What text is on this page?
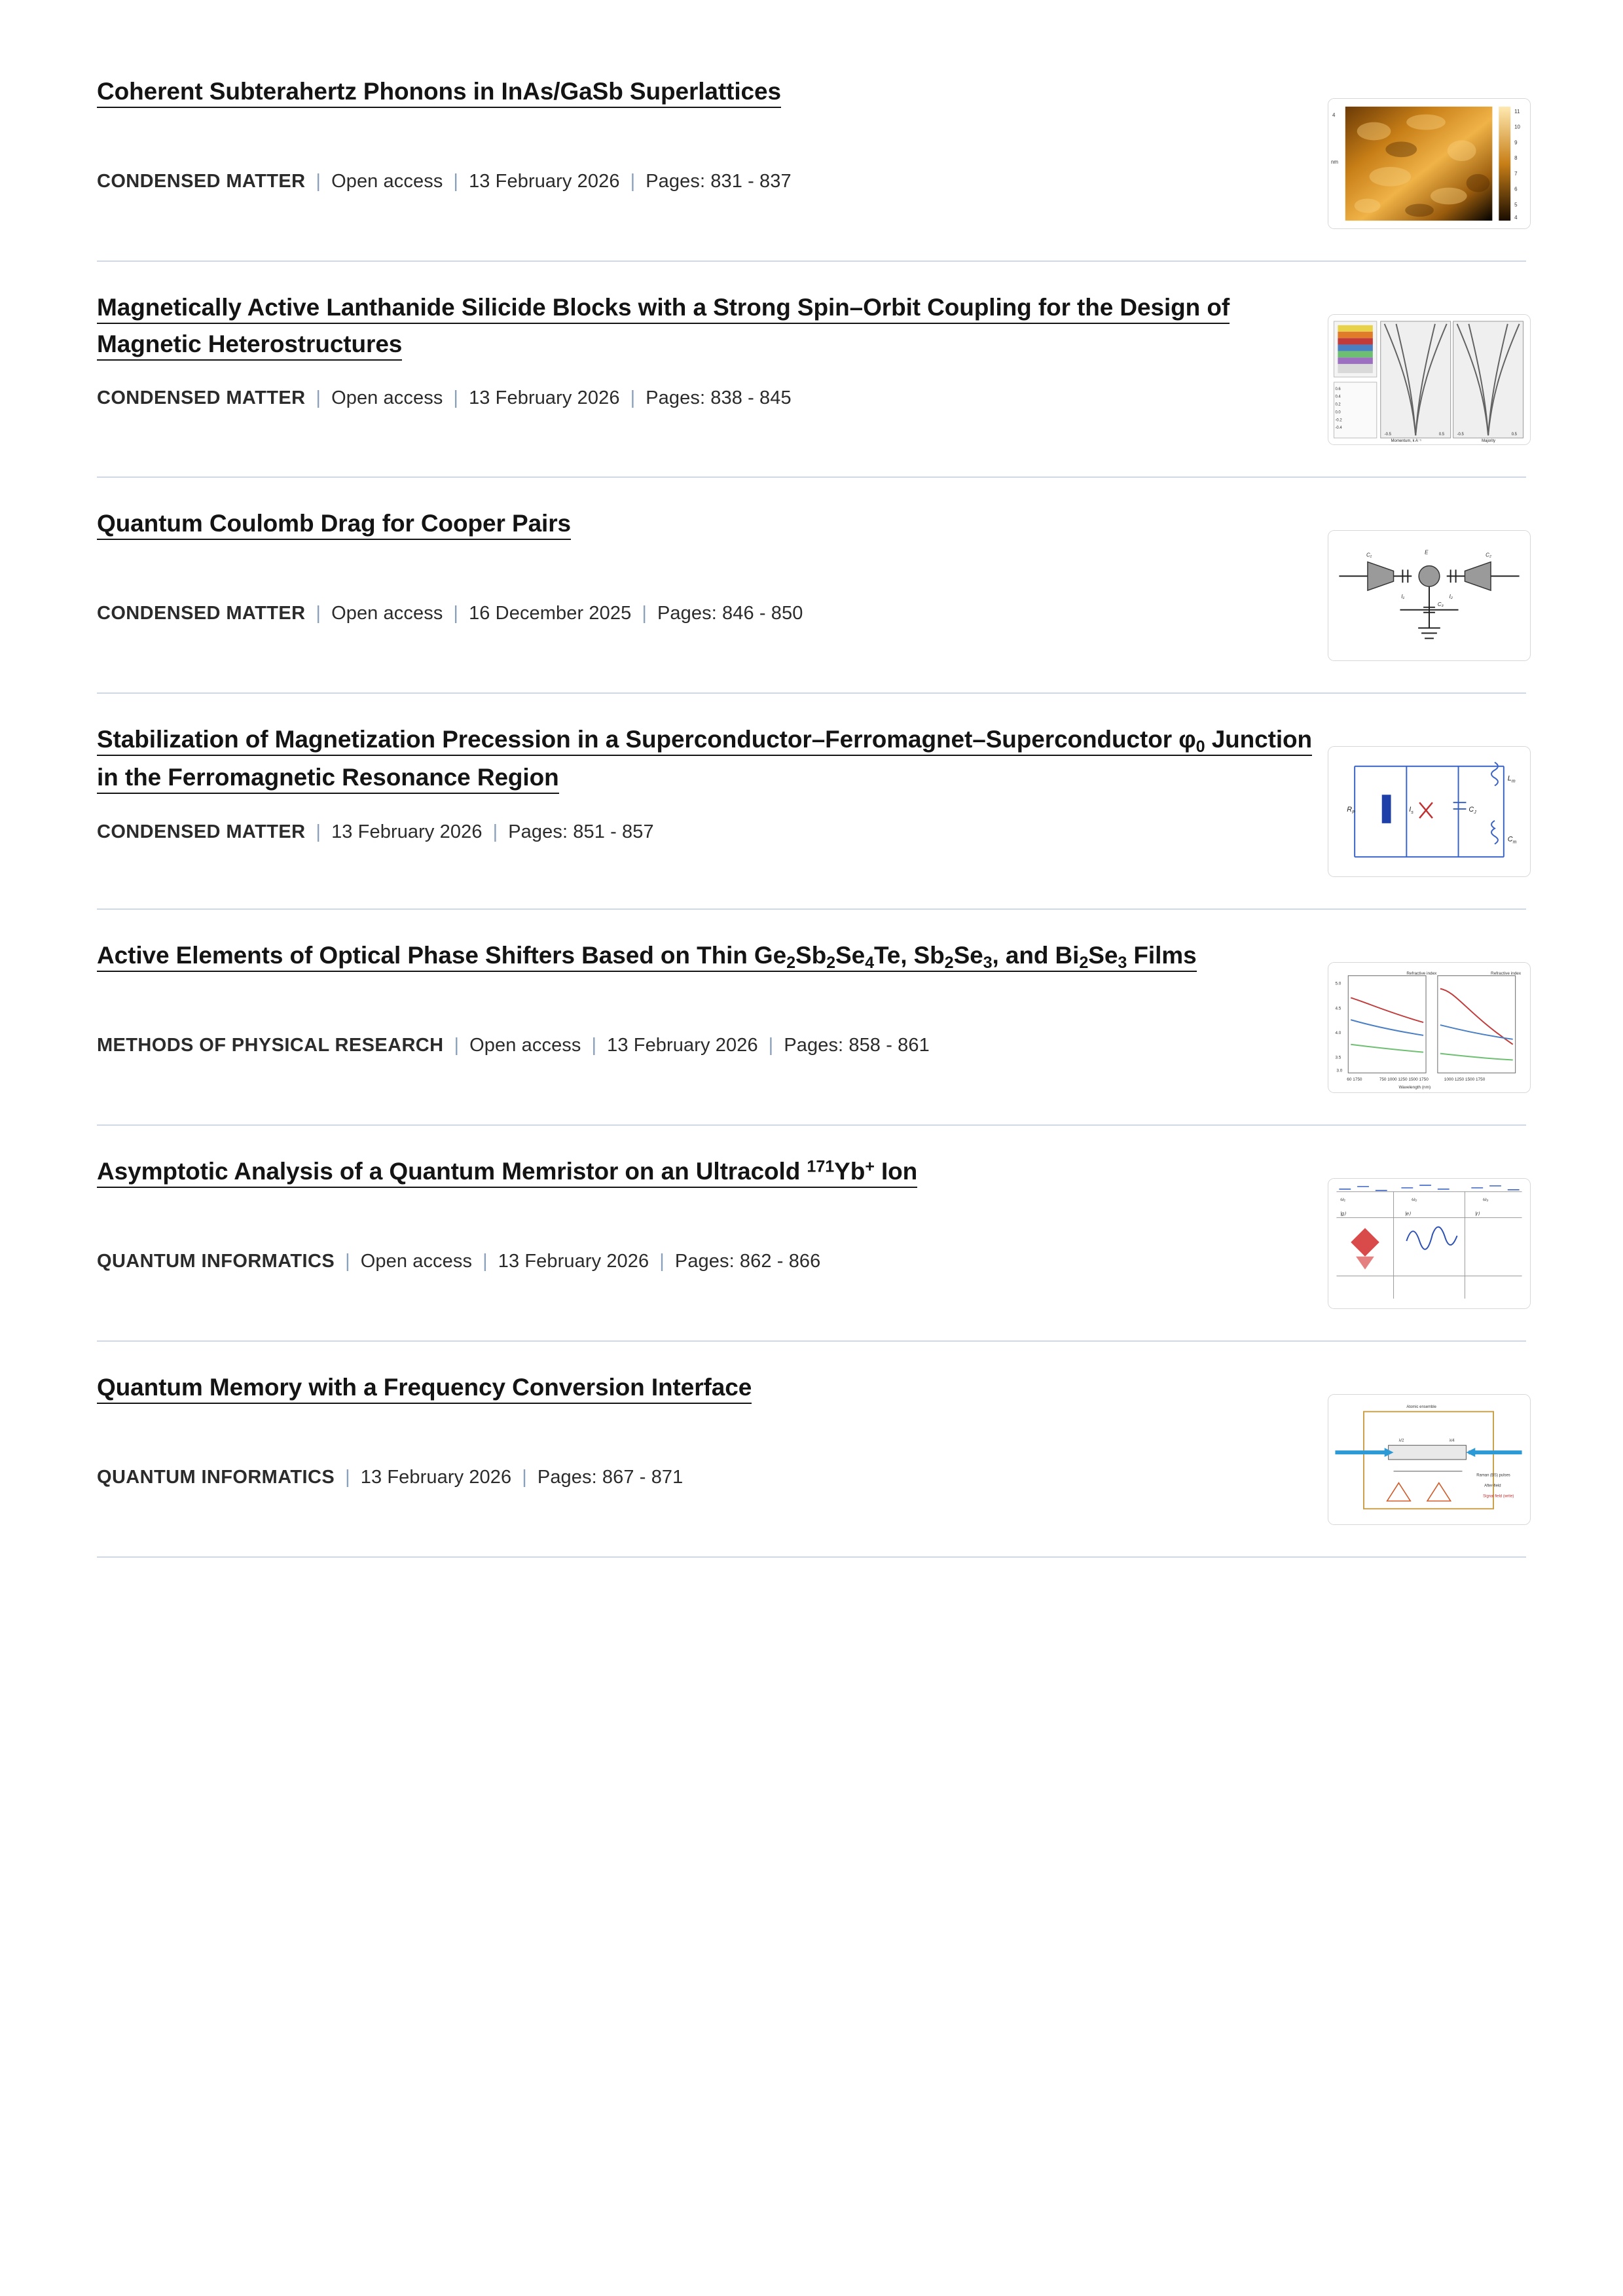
Coherent Subterahertz Phonons in InAs/GaSb Superlattices
CONDENSED MATTER | Open access | 13 February 2026 | Pages: 831 - 837
11
10
9
8
7
6
5
4
4
nm
Magnetically Active Lanthanide Silicide Blocks with a Strong Spin–Orbit Coupling for the Design of Magnetic Heterostructures
CONDENSED MATTER | Open access | 13 February 2026 | Pages: 838 - 845	0.6
0.4
0.2
0.0
-0.2
-0.4
-0.5	0.5	-0.5	0.5
Momentum, k A⁻¹	Majority
Quantum Coulomb Drag for Cooper Pairs
CONDENSED MATTER | Open access | 16 December 2025 | Pages: 846 - 850
C₁	E	C₂
I₁	I₂
C₃
Stabilization of Magnetization Precession in a Superconductor–Ferromagnet–Superconductor $\varphi_0$ Junction in the Ferromagnetic Resonance Region
CONDENSED MATTER | 13 February 2026 | Pages: 851 - 857
$R_P$	$I_s$	$C_J$
$L_m$
$C_m$
Active Elements of Optical Phase Shifters Based on Thin $Ge_2Sb_2Se_4Te$, $Sb_2Se_3$, and $Bi_2Se_3$ Films
METHODS OF PHYSICAL RESEARCH | Open access | 13 February 2026 | Pages: 858 - 861
Refractive index	Refractive index
5.0
4.5
4.0
3.5
3.0
60 1750	750 1000 1250 1500 1750	1000 1250 1500 1750
Wavelength (nm)
Asymptotic Analysis of a Quantum Memristor on an Ultracold $^{171}$Yb+ Ion
QUANTUM INFORMATICS | Open access | 13 February 2026 | Pages: 862 - 866
|g⟩	|e⟩	|r⟩
ω₁	ω₂	ω₃
Quantum Memory with a Frequency Conversion Interface
QUANTUM INFORMATICS | 13 February 2026 | Pages: 867 - 871
Atomic ensemble
Raman (BS) pulses
After-field
Signal field (write)
λ/2	λ/4
